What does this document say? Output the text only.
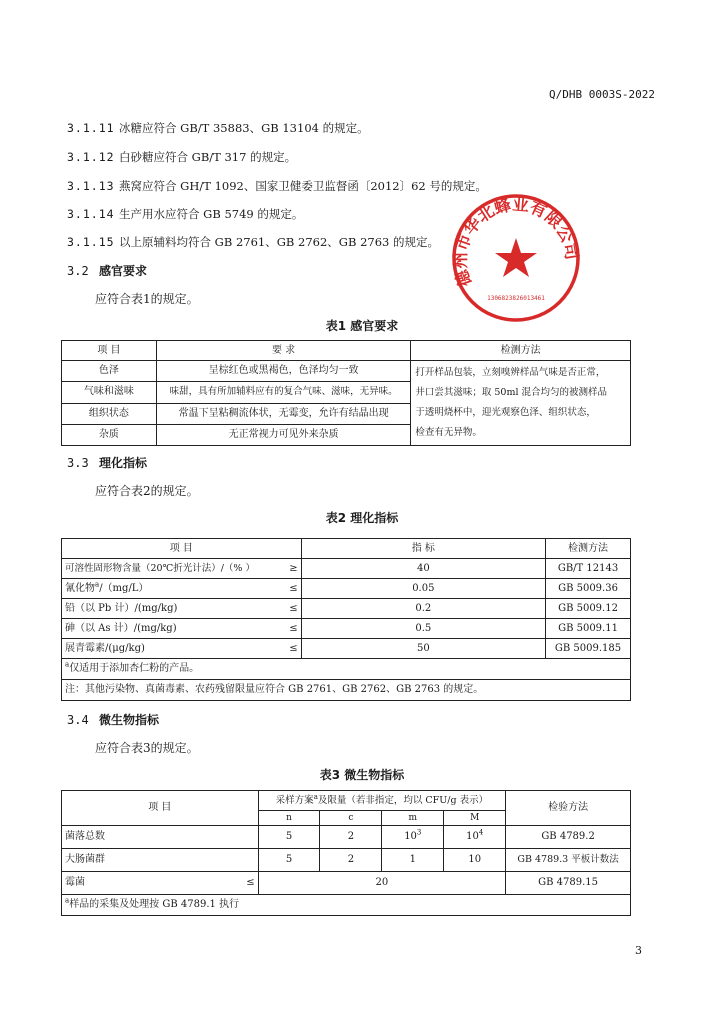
Q/DHB 0003S-2022
3.1.11 冰糖应符合 GB/T 35883、GB 13104 的规定。
3.1.12 白砂糖应符合 GB/T 317 的规定。
3.1.13 燕窝应符合 GH/T 1092、国家卫健委卫监督函〔2012〕62 号的规定。
3.1.14 生产用水应符合 GB 5749 的规定。
3.1.15 以上原辅料均符合 GB 2761、GB 2762、GB 2763 的规定。
3.2 感官要求
应符合表1的规定。
表1 感官要求
项 目	要 求	检测方法
色泽	呈棕红色或黑褐色，色泽均匀一致	打开样品包装，立刻嗅辨样品气味是否正常，
井口尝其滋味；取 50ml 混合均匀的被测样品
于透明烧杯中，迎光观察色泽、组织状态，
检查有无异物。

气味和滋味	味甜，具有所加辅料应有的复合气味、滋味，无异味。	
组织状态	常温下呈粘稠流体状，无霉变，允许有结晶出现	
杂质	无正常视力可见外来杂质	
德州市华北蜂业有限公司
1306823826013461
3.3 理化指标
应符合表2的规定。
表2 理化指标
项 目		指 标	检测方法
可溶性固形物含量（20℃折光计法）/（% ）	≥	40	GB/T 12143
氰化物$^a$/（mg/L）	≤	0.05	GB 5009.36
铅（以 Pb 计）/(mg/kg)	≤	0.2	GB 5009.12
砷（以 As 计）/(mg/kg)	≤	0.5	GB 5009.11
展青霉素/(μg/kg)	≤	50	GB 5009.185
$^a$仅适用于添加杏仁粉的产品。			
注：其他污染物、真菌毒素、农药残留限量应符合 GB 2761、GB 2762、GB 2763 的规定。			
3.4 微生物指标
应符合表3的规定。
表3 微生物指标
项 目		采样方案$^a$及限量（若非指定，均以 CFU/g 表示）				检验方法
		n	c	m	M	
菌落总数		5	2	$10^3$	$10^4$	GB 4789.2
大肠菌群		5	2	1	10	GB 4789.3 平板计数法
霉菌	≤	20				GB 4789.15
$^a$样品的采集及处理按 GB 4789.1 执行						
3
